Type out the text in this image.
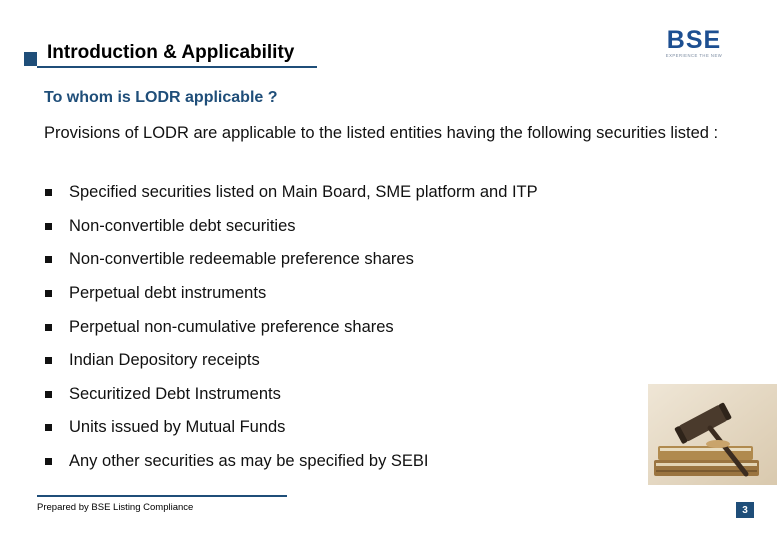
Introduction & Applicability	BSE
EXPERIENCE THE NEW
To whom is LODR applicable ?
Provisions of LODR are applicable to the listed entities having the following securities listed :
Specified securities listed on Main Board, SME platform and ITP
Non-convertible debt securities
Non-convertible redeemable preference shares
Perpetual debt instruments
Perpetual non-cumulative preference shares
Indian Depository receipts
Securitized Debt Instruments
Units issued by Mutual Funds
Any other securities as may be specified by SEBI
Prepared by BSE Listing Compliance	3
